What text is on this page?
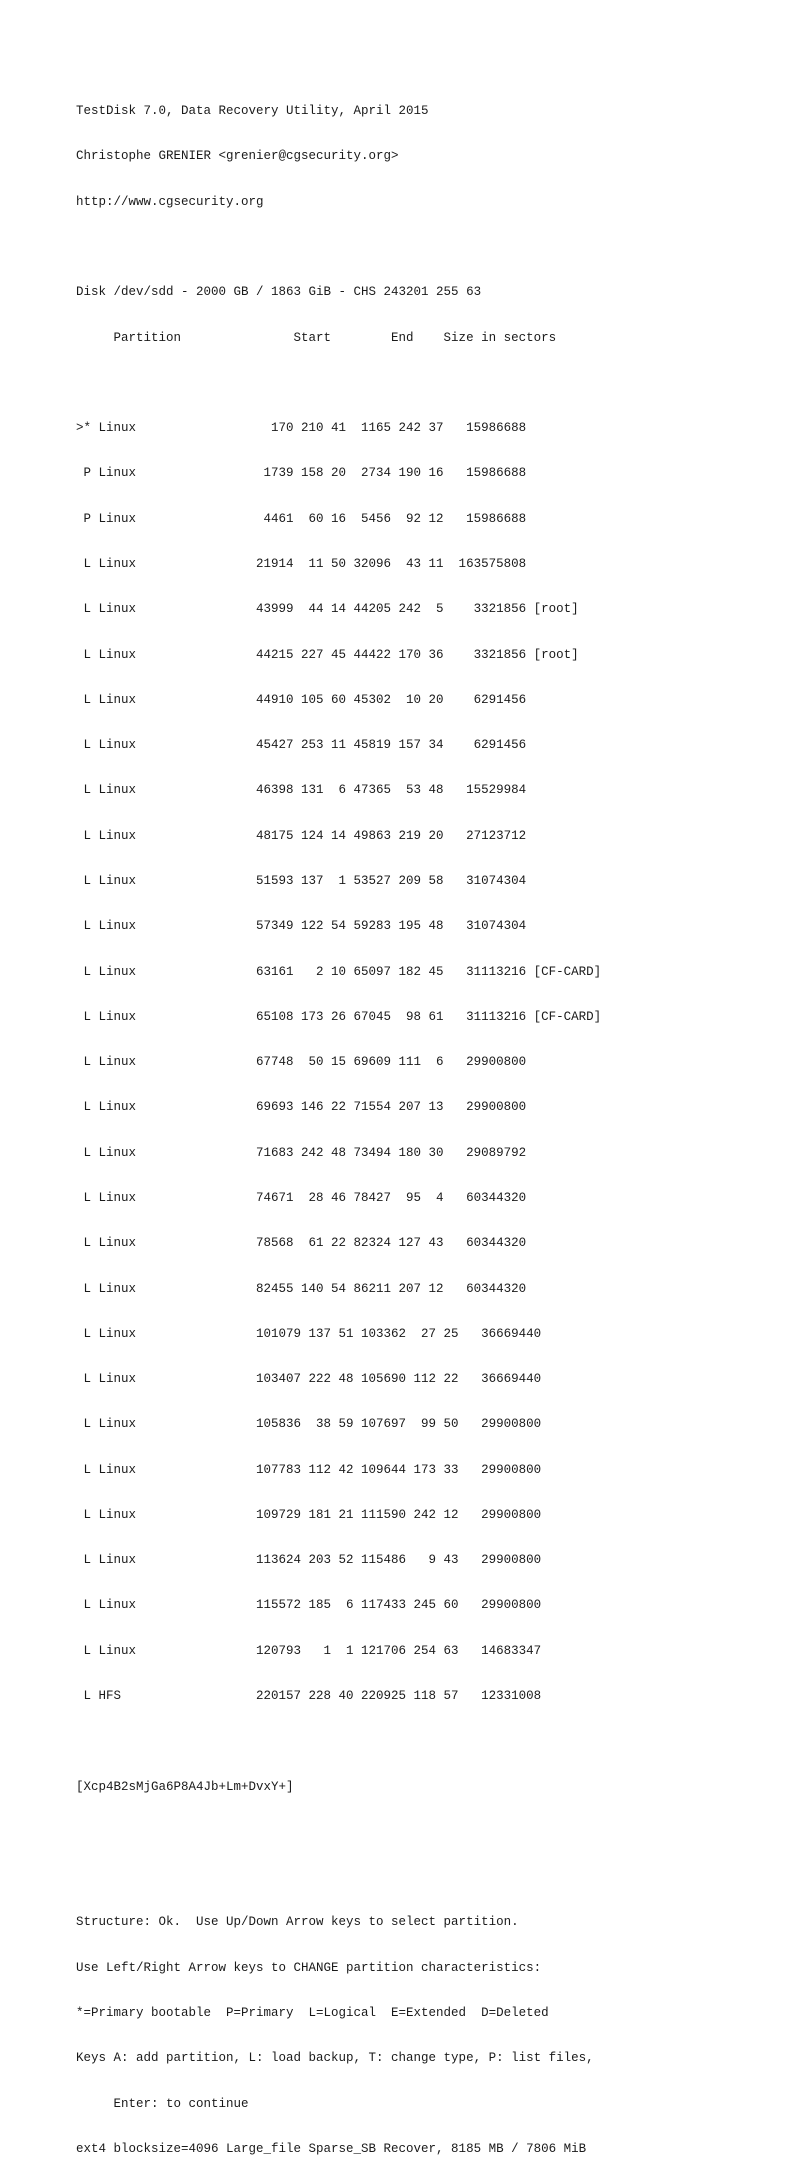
TestDisk 7.0, Data Recovery Utility, April 2015

Christophe GRENIER <grenier@cgsecurity.org>

http://www.cgsecurity.org

Disk /dev/sdd - 2000 GB / 1863 GiB - CHS 243201 255 63

Partition               Start        End    Size in sectors

>* Linux                  170 210 41  1165 242 37   15986688

P Linux                 1739 158 20  2734 190 16   15986688

P Linux                 4461  60 16  5456  92 12   15986688

L Linux                21914  11 50 32096  43 11  163575808

L Linux                43999  44 14 44205 242  5    3321856 [root]

L Linux                44215 227 45 44422 170 36    3321856 [root]

L Linux                44910 105 60 45302  10 20    6291456

L Linux                45427 253 11 45819 157 34    6291456

L Linux                46398 131  6 47365  53 48   15529984

L Linux                48175 124 14 49863 219 20   27123712

L Linux                51593 137  1 53527 209 58   31074304

L Linux                57349 122 54 59283 195 48   31074304

L Linux                63161   2 10 65097 182 45   31113216 [CF-CARD]

L Linux                65108 173 26 67045  98 61   31113216 [CF-CARD]

L Linux                67748  50 15 69609 111  6   29900800

L Linux                69693 146 22 71554 207 13   29900800

L Linux                71683 242 48 73494 180 30   29089792

L Linux                74671  28 46 78427  95  4   60344320

L Linux                78568  61 22 82324 127 43   60344320

L Linux                82455 140 54 86211 207 12   60344320

L Linux                101079 137 51 103362  27 25   36669440

L Linux                103407 222 48 105690 112 22   36669440

L Linux                105836  38 59 107697  99 50   29900800

L Linux                107783 112 42 109644 173 33   29900800

L Linux                109729 181 21 111590 242 12   29900800

L Linux                113624 203 52 115486   9 43   29900800

L Linux                115572 185  6 117433 245 60   29900800

L Linux                120793   1  1 121706 254 63   14683347

L HFS                  220157 228 40 220925 118 57   12331008

[Xcp4B2sMjGa6P8A4Jb+Lm+DvxY+]

Structure: Ok.  Use Up/Down Arrow keys to select partition.

Use Left/Right Arrow keys to CHANGE partition characteristics:

*=Primary bootable  P=Primary  L=Logical  E=Extended  D=Deleted

Keys A: add partition, L: load backup, T: change type, P: list files,

Enter: to continue

ext4 blocksize=4096 Large_file Sparse_SB Recover, 8185 MB / 7806 MiB
